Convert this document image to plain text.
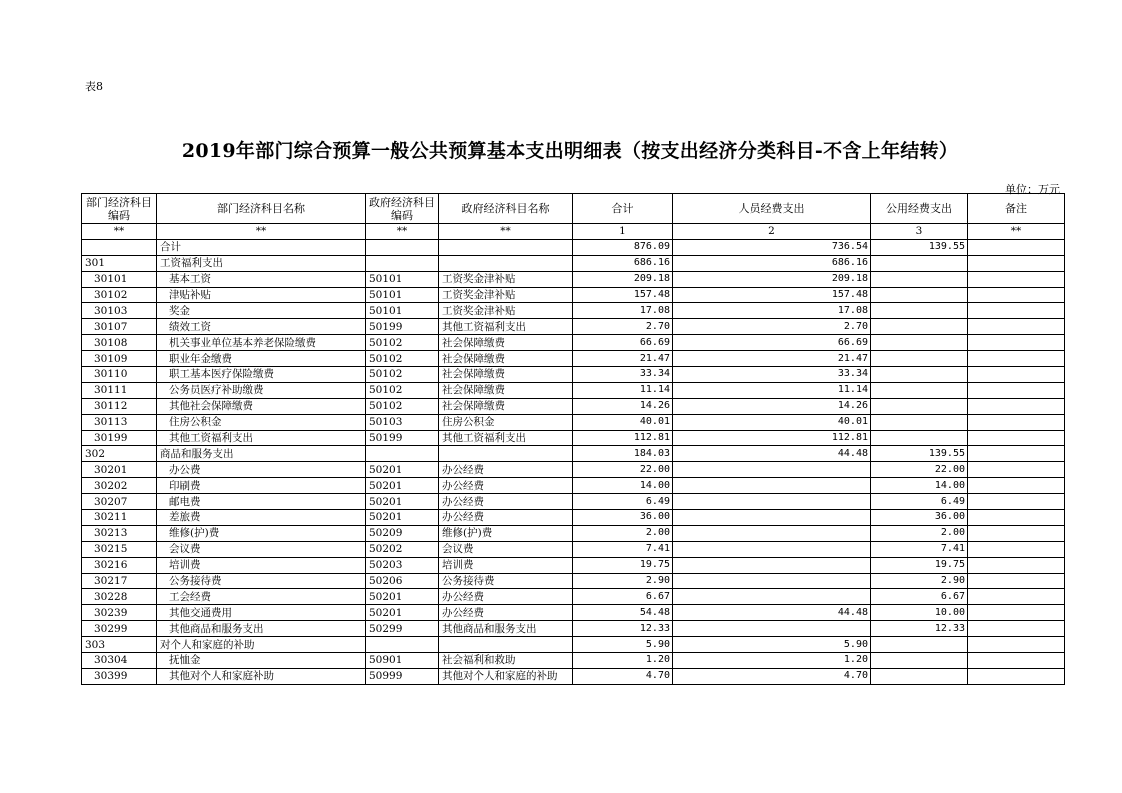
表8
2019年部门综合预算一般公共预算基本支出明细表（按支出经济分类科目-不含上年结转）
单位：万元
部门经济科目编码	部门经济科目名称	政府经济科目编码	政府经济科目名称	合计	人员经费支出	公用经费支出	备注
**	**	**	**	1	2	3	**
	合计			876.09	736.54	139.55	
301	工资福利支出			686.16	686.16		
30101	基本工资	50101	工资奖金津补贴	209.18	209.18		
30102	津贴补贴	50101	工资奖金津补贴	157.48	157.48		
30103	奖金	50101	工资奖金津补贴	17.08	17.08		
30107	绩效工资	50199	其他工资福利支出	2.70	2.70		
30108	机关事业单位基本养老保险缴费	50102	社会保障缴费	66.69	66.69		
30109	职业年金缴费	50102	社会保障缴费	21.47	21.47		
30110	职工基本医疗保险缴费	50102	社会保障缴费	33.34	33.34		
30111	公务员医疗补助缴费	50102	社会保障缴费	11.14	11.14		
30112	其他社会保障缴费	50102	社会保障缴费	14.26	14.26		
30113	住房公积金	50103	住房公积金	40.01	40.01		
30199	其他工资福利支出	50199	其他工资福利支出	112.81	112.81		
302	商品和服务支出			184.03	44.48	139.55	
30201	办公费	50201	办公经费	22.00		22.00	
30202	印刷费	50201	办公经费	14.00		14.00	
30207	邮电费	50201	办公经费	6.49		6.49	
30211	差旅费	50201	办公经费	36.00		36.00	
30213	维修(护)费	50209	维修(护)费	2.00		2.00	
30215	会议费	50202	会议费	7.41		7.41	
30216	培训费	50203	培训费	19.75		19.75	
30217	公务接待费	50206	公务接待费	2.90		2.90	
30228	工会经费	50201	办公经费	6.67		6.67	
30239	其他交通费用	50201	办公经费	54.48	44.48	10.00	
30299	其他商品和服务支出	50299	其他商品和服务支出	12.33		12.33	
303	对个人和家庭的补助			5.90	5.90		
30304	抚恤金	50901	社会福利和救助	1.20	1.20		
30399	其他对个人和家庭补助	50999	其他对个人和家庭的补助	4.70	4.70		
